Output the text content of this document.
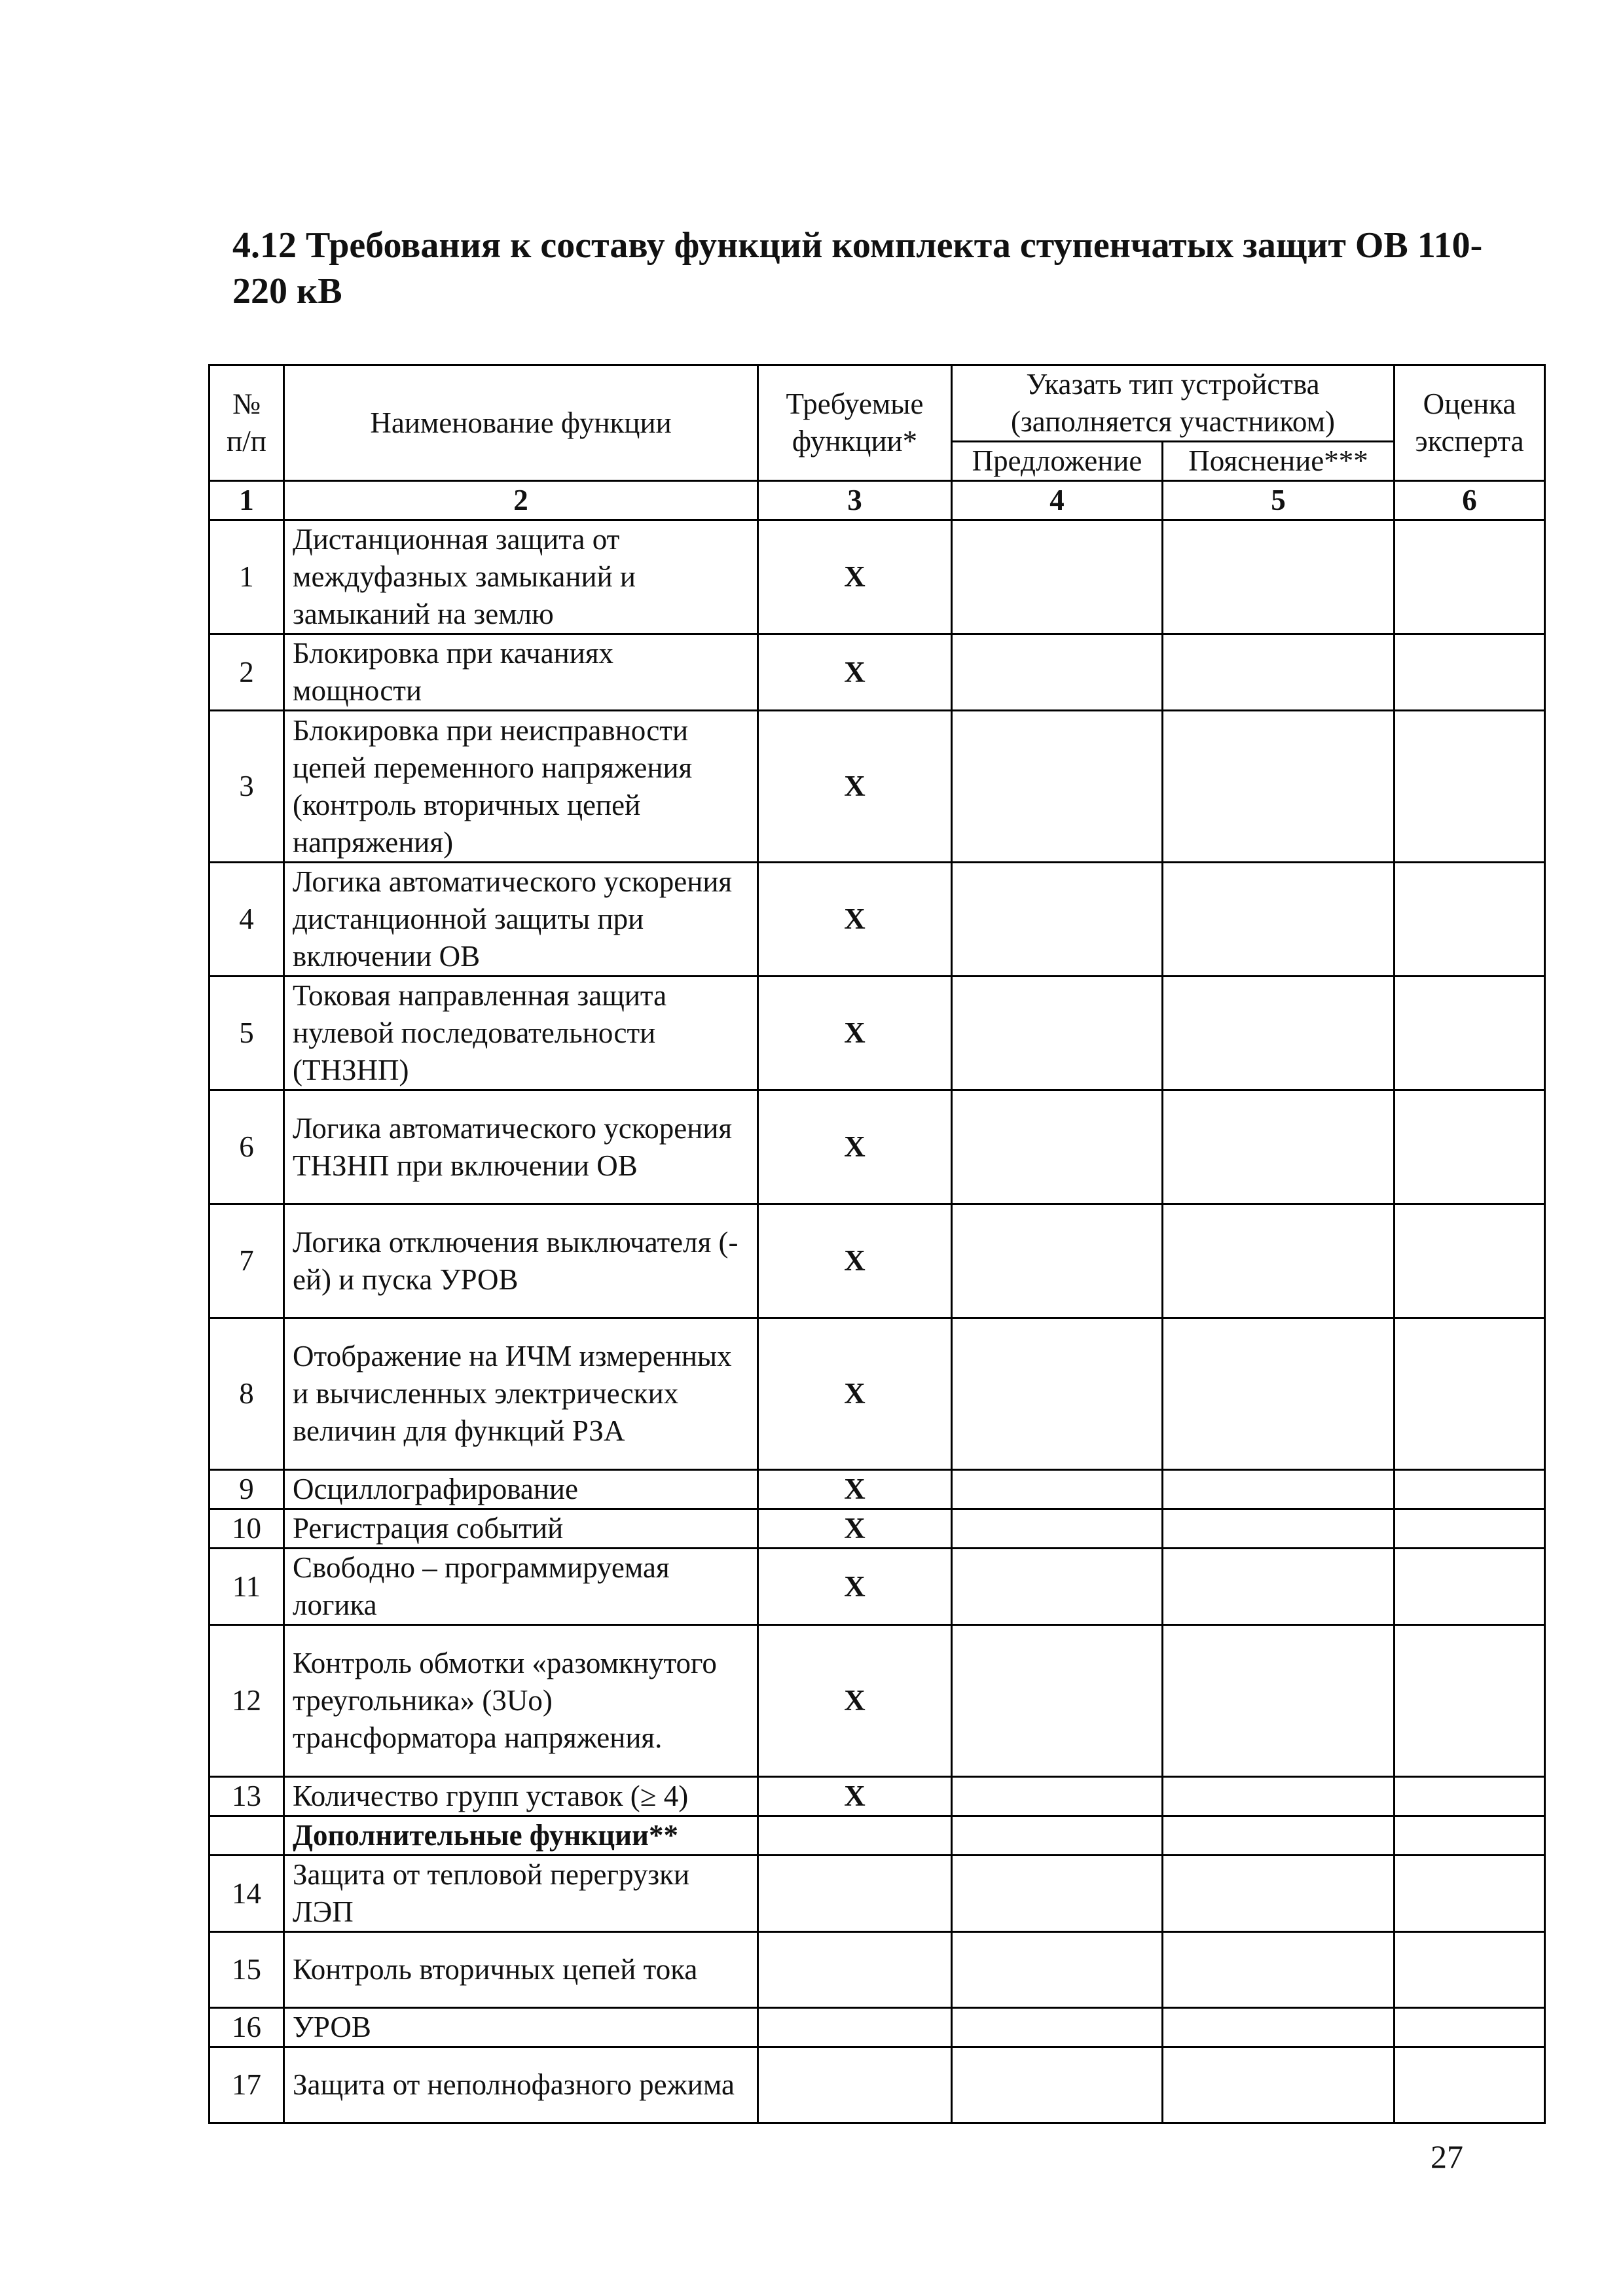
4.12 Требования к составу функций комплекта ступенчатых защит ОВ 110-220 кВ
№ п/п	Наименование функции	Требуемые функции*	Указать тип устройства (заполняется участником)		Оценка эксперта
			Предложение	Пояснение***	
1	2	3	4	5	6
1	Дистанционная защита от междуфазных замыканий и замыканий на землю	Х			
2	Блокировка при качаниях мощности	Х			
3	Блокировка при неисправности цепей переменного напряжения (контроль вторичных цепей напряжения)	Х			
4	Логика автоматического ускорения дистанционной защиты при включении ОВ	Х			
5	Токовая направленная защита нулевой последовательности (ТНЗНП)	Х			
6	Логика автоматического ускорения ТНЗНП при включении ОВ	Х			
7	Логика отключения выключателя (-ей) и пуска УРОВ	Х			
8	Отображение на ИЧМ измеренных и вычисленных электрических величин для функций РЗА	Х			
9	Осциллографирование	Х			
10	Регистрация событий	Х			
11	Свободно – программируемая логика	Х			
12	Контроль обмотки «разомкнутого треугольника» (3Uo) трансформатора напряжения.	Х			
13	Количество групп уставок (≥ 4)	Х			
	Дополнительные функции**				
14	Защита от тепловой перегрузки ЛЭП				
15	Контроль вторичных цепей тока				
16	УРОВ				
17	Защита от неполнофазного режима				
27
